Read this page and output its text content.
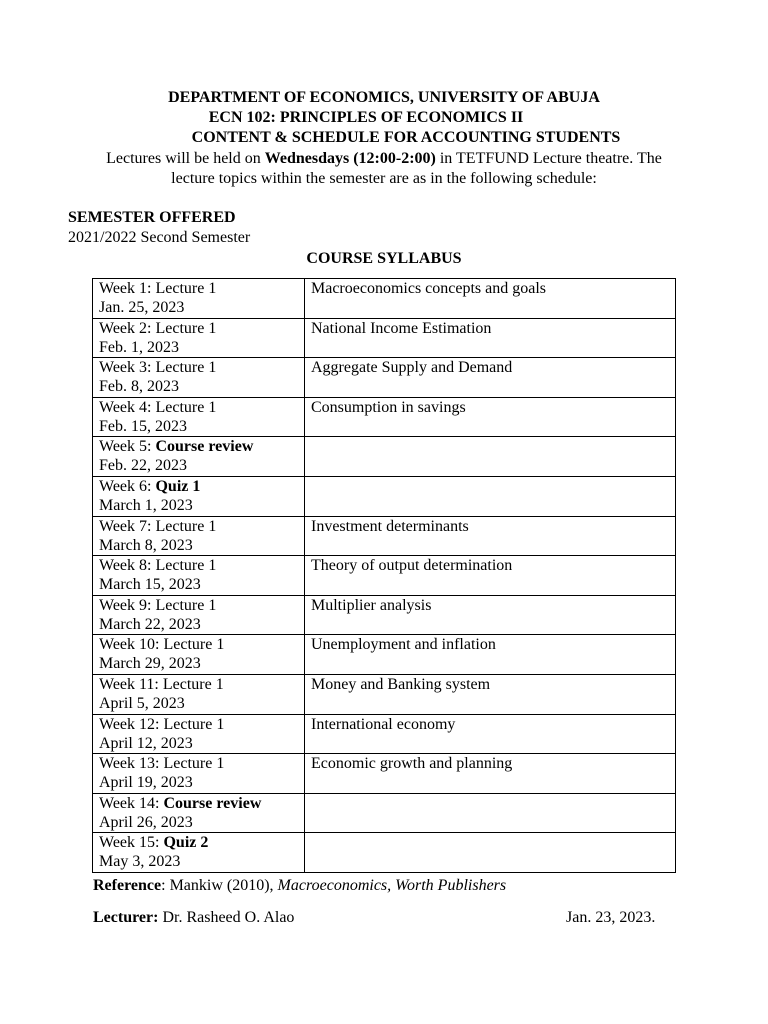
DEPARTMENT OF ECONOMICS, UNIVERSITY OF ABUJA
ECN 102: PRINCIPLES OF ECONOMICS II
CONTENT & SCHEDULE FOR ACCOUNTING STUDENTS
Lectures will be held on Wednesdays (12:00-2:00) in TETFUND Lecture theatre. The
lecture topics within the semester are as in the following schedule:
SEMESTER OFFERED
2021/2022 Second Semester
COURSE SYLLABUS
Week 1: Lecture 1
Jan. 25, 2023	Macroeconomics concepts and goals

Week 2: Lecture 1
Feb. 1, 2023	National Income Estimation

Week 3: Lecture 1
Feb. 8, 2023	Aggregate Supply and Demand

Week 4: Lecture 1
Feb. 15, 2023	Consumption in savings

Week 5: Course review
Feb. 22, 2023	

Week 6: Quiz 1
March 1, 2023	

Week 7: Lecture 1
March 8, 2023	Investment determinants

Week 8: Lecture 1
March 15, 2023	Theory of output determination

Week 9: Lecture 1
March 22, 2023	Multiplier analysis

Week 10: Lecture 1
March 29, 2023	Unemployment and inflation

Week 11: Lecture 1
April 5, 2023	Money and Banking system

Week 12: Lecture 1
April 12, 2023	International economy

Week 13: Lecture 1
April 19, 2023	Economic growth and planning

Week 14: Course review
April 26, 2023	

Week 15: Quiz 2
May 3, 2023	

Reference: Mankiw (2010), Macroeconomics, Worth Publishers
Lecturer: Dr. Rasheed O. Alao	Jan. 23, 2023.
